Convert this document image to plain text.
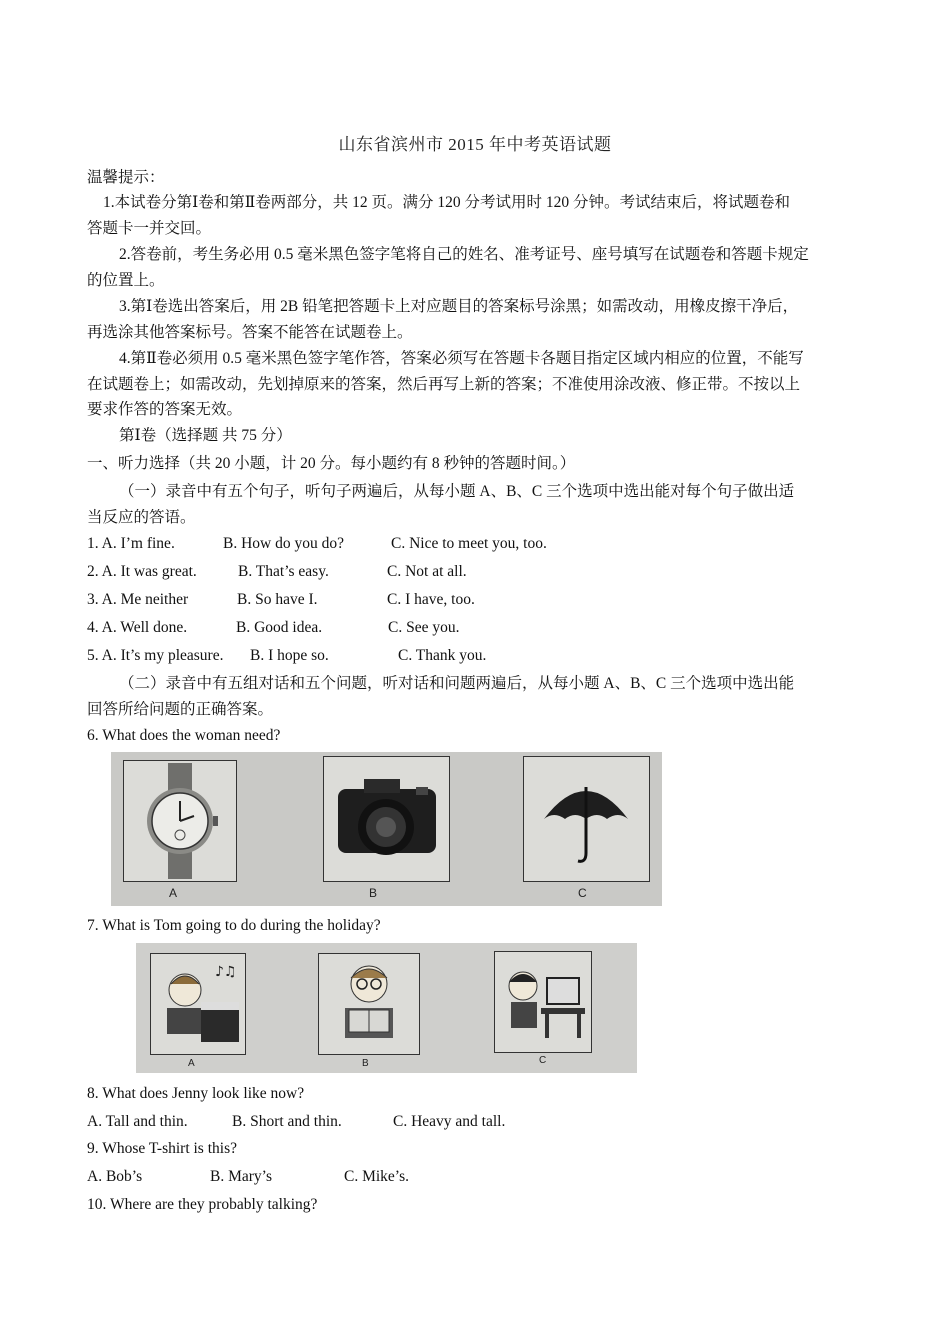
山东省滨州市 2015 年中考英语试题
温馨提示：
1.本试卷分第Ⅰ卷和第Ⅱ卷两部分，共 12 页。满分 120 分考试用时 120 分钟。考试结束后，将试题卷和
答题卡一并交回。
2.答卷前，考生务必用 0.5 毫米黑色签字笔将自己的姓名、准考证号、座号填写在试题卷和答题卡规定
的位置上。
3.第Ⅰ卷选出答案后，用 2B 铅笔把答题卡上对应题目的答案标号涂黑；如需改动，用橡皮擦干净后，
再选涂其他答案标号。答案不能答在试题卷上。
4.第Ⅱ卷必须用 0.5 毫米黑色签字笔作答，答案必须写在答题卡各题目指定区域内相应的位置，不能写
在试题卷上；如需改动，先划掉原来的答案，然后再写上新的答案；不准使用涂改液、修正带。不按以上
要求作答的答案无效。
第Ⅰ卷（选择题 共 75 分）
一、听力选择（共 20 小题，计 20 分。每小题约有 8 秒钟的答题时间。）
（一）录音中有五个句子，听句子两遍后，从每小题 A、B、C 三个选项中选出能对每个句子做出适
当反应的答语。
1. A. I’m fine.	B. How do you do?	C. Nice to meet you, too.
2. A. It was great.	B. That’s easy.	C. Not at all.
3. A. Me neither	B. So have I.	C. I have, too.
4. A. Well done.	B. Good idea.	C. See you.
5. A. It’s my pleasure. B. I hope so.	C. Thank you.
（二）录音中有五组对话和五个问题，听对话和问题两遍后，从每小题 A、B、C 三个选项中选出能
回答所给问题的正确答案。
6. What does the woman need?
A	B	C
7. What is Tom going to do during the holiday?
♪♫
A	B	C
8. What does Jenny look like now?
A. Tall and thin.	B. Short and thin.	C. Heavy and tall.
9. Whose T-shirt is this?
A. Bob’s	B. Mary’s	C. Mike’s.
10. Where are they probably talking?
